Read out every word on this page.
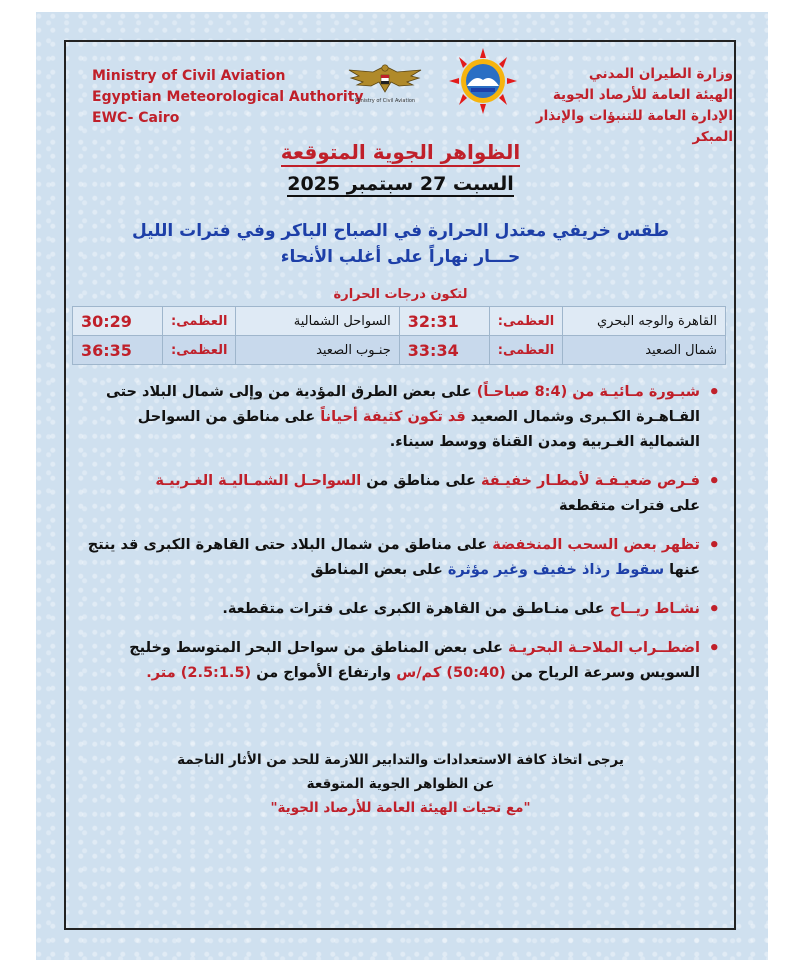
Ministry of Civil Aviation
Egyptian Meteorological Authority
EWC- Cairo
Ministry of Civil Aviation
وزارة الطيران المدني
الهيئة العامة للأرصاد الجوية
الإدارة العامة للتنبؤات والإنذار المبكر
الظواهر الجوية المتوقعة
السبت 27 سبتمبر 2025
طقس خريفي معتدل الحرارة في الصباح الباكر وفي فترات الليل
حـــار نهاراً على أغلب الأنحاء
لتكون درجات الحرارة
القاهرة والوجه البحري	العظمى:	32:31	السواحل الشمالية	العظمى:	30:29
شمال الصعيد	العظمى:	33:34	جنـوب الصعيد	العظمى:	36:35
• شبـورة مـائيـة من (8:4 صباحـاً) على بعض الطرق المؤدية من وإلى شمال البلاد حتى القـاهـرة الكـبرى وشمال الصعيد قد تكون كثيفة أحياناً على مناطق من السواحل الشمالية الغـربية ومدن القناة ووسط سيناء.
• فـرص ضعيـفـة لأمطـار خفيـفة على مناطق من السواحـل الشمـاليـة الغـربيـة
على فترات متقطعة
• تظهر بعض السحب المنخفضة على مناطق من شمال البلاد حتى القاهرة الكبرى قد ينتج عنها سقوط رذاذ خفيف وغير مؤثرة على بعض المناطق
• نشـاط ريــاح على منـاطـق من القاهرة الكبرى على فترات متقطعة.
• اضطــراب الملاحـة البحريـة على بعض المناطق من سواحل البحر المتوسط وخليج السويس وسرعة الرياح من (50:40) كم/س وارتفاع الأمواج من (2.5:1.5) متر.
يرجى اتخاذ كافة الاستعدادات والتدابير اللازمة للحد من الأثار الناجمة
عن الظواهر الجوية المتوقعة
"مع تحيات الهيئة العامة للأرصاد الجوية"
